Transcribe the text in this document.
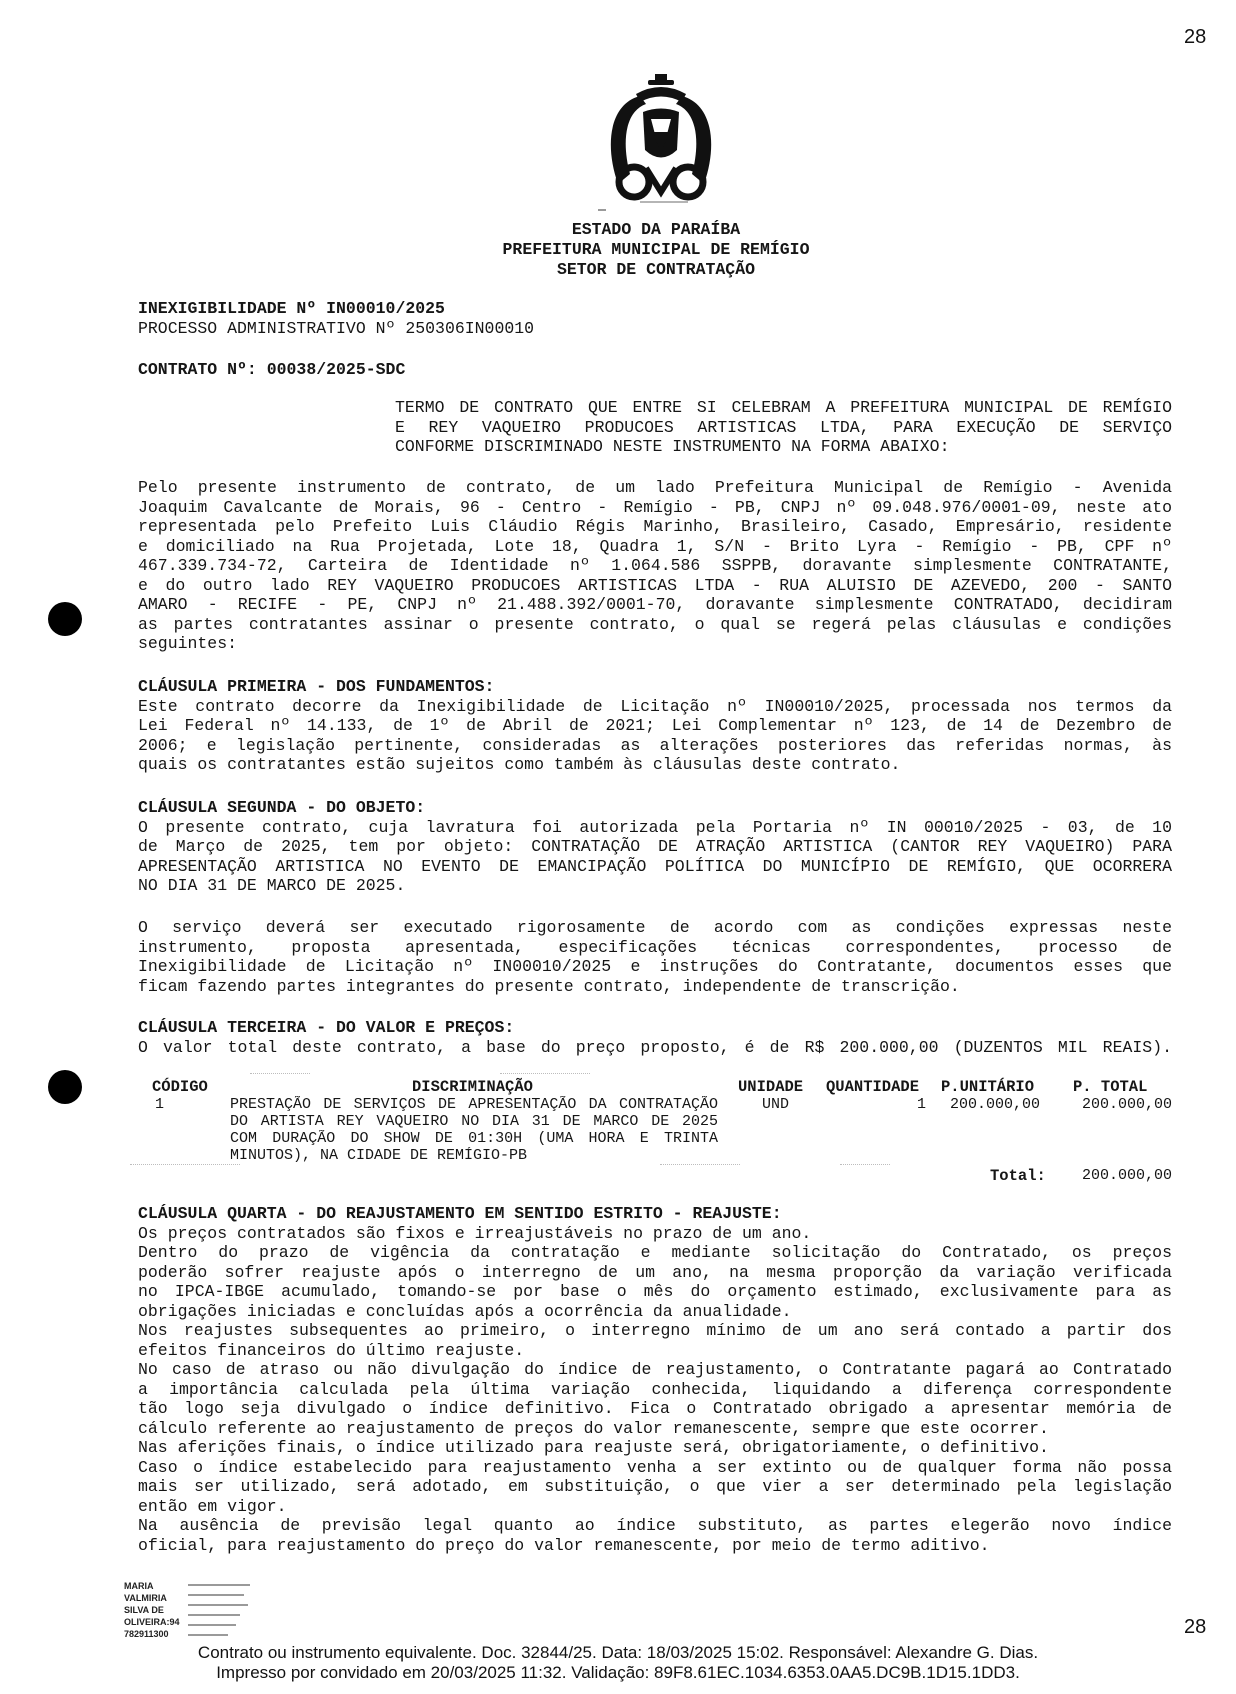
28
ESTADO DA PARAÍBA
PREFEITURA MUNICIPAL DE REMÍGIO
SETOR DE CONTRATAÇÃO
INEXIGIBILIDADE Nº IN00010/2025
PROCESSO ADMINISTRATIVO Nº 250306IN00010
CONTRATO Nº: 00038/2025-SDC
TERMO DE CONTRATO QUE ENTRE SI CELEBRAM A PREFEITURA MUNICIPAL DE REMÍGIO
E REY VAQUEIRO PRODUCOES ARTISTICAS LTDA, PARA EXECUÇÃO DE SERVIÇO
CONFORME DISCRIMINADO NESTE INSTRUMENTO NA FORMA ABAIXO:
Pelo presente instrumento de contrato, de um lado Prefeitura Municipal de Remígio - Avenida
Joaquim Cavalcante de Morais, 96 - Centro - Remígio - PB, CNPJ nº 09.048.976/0001-09, neste ato
representada pelo Prefeito Luis Cláudio Régis Marinho, Brasileiro, Casado, Empresário, residente
e domiciliado na Rua Projetada, Lote 18, Quadra 1, S/N - Brito Lyra - Remígio - PB, CPF nº
467.339.734-72, Carteira de Identidade nº 1.064.586 SSPPB, doravante simplesmente CONTRATANTE,
e do outro lado REY VAQUEIRO PRODUCOES ARTISTICAS LTDA - RUA ALUISIO DE AZEVEDO, 200 - SANTO
AMARO - RECIFE - PE, CNPJ nº 21.488.392/0001-70, doravante simplesmente CONTRATADO, decidiram
as partes contratantes assinar o presente contrato, o qual se regerá pelas cláusulas e condições
seguintes:
CLÁUSULA PRIMEIRA - DOS FUNDAMENTOS:
Este contrato decorre da Inexigibilidade de Licitação nº IN00010/2025, processada nos termos da
Lei Federal nº 14.133, de 1º de Abril de 2021; Lei Complementar nº 123, de 14 de Dezembro de
2006; e legislação pertinente, consideradas as alterações posteriores das referidas normas, às
quais os contratantes estão sujeitos como também às cláusulas deste contrato.
CLÁUSULA SEGUNDA - DO OBJETO:
O presente contrato, cuja lavratura foi autorizada pela Portaria nº IN 00010/2025 - 03, de 10
de Março de 2025, tem por objeto: CONTRATAÇÃO DE ATRAÇÃO ARTISTICA (CANTOR REY VAQUEIRO) PARA
APRESENTAÇÃO ARTISTICA NO EVENTO DE EMANCIPAÇÃO POLÍTICA DO MUNICÍPIO DE REMÍGIO, QUE OCORRERA
NO DIA 31 DE MARCO DE 2025.
O serviço deverá ser executado rigorosamente de acordo com as condições expressas neste
instrumento, proposta apresentada, especificações técnicas correspondentes, processo de
Inexigibilidade de Licitação nº IN00010/2025 e instruções do Contratante, documentos esses que
ficam fazendo partes integrantes do presente contrato, independente de transcrição.
CLÁUSULA TERCEIRA - DO VALOR E PREÇOS:
O valor total deste contrato, a base do preço proposto, é de R$ 200.000,00 (DUZENTOS MIL REAIS).
CÓDIGO	DISCRIMINAÇÃO	UNIDADE QUANTIDADE P.UNITÁRIO	P. TOTAL
1	PRESTAÇÃO DE SERVIÇOS DE APRESENTAÇÃO DA CONTRATAÇÃO
DO ARTISTA REY VAQUEIRO NO DIA 31 DE MARCO DE 2025
COM DURAÇÃO DO SHOW DE 01:30H (UMA HORA E TRINTA
MINUTOS), NA CIDADE DE REMÍGIO-PB
UND	1	200.000,00	200.000,00
Total:	200.000,00
CLÁUSULA QUARTA - DO REAJUSTAMENTO EM SENTIDO ESTRITO - REAJUSTE:
Os preços contratados são fixos e irreajustáveis no prazo de um ano.
Dentro do prazo de vigência da contratação e mediante solicitação do Contratado, os preços
poderão sofrer reajuste após o interregno de um ano, na mesma proporção da variação verificada
no IPCA-IBGE acumulado, tomando-se por base o mês do orçamento estimado, exclusivamente para as
obrigações iniciadas e concluídas após a ocorrência da anualidade.
Nos reajustes subsequentes ao primeiro, o interregno mínimo de um ano será contado a partir dos
efeitos financeiros do último reajuste.
No caso de atraso ou não divulgação do índice de reajustamento, o Contratante pagará ao Contratado
a importância calculada pela última variação conhecida, liquidando a diferença correspondente
tão logo seja divulgado o índice definitivo. Fica o Contratado obrigado a apresentar memória de
cálculo referente ao reajustamento de preços do valor remanescente, sempre que este ocorrer.
Nas aferições finais, o índice utilizado para reajuste será, obrigatoriamente, o definitivo.
Caso o índice estabelecido para reajustamento venha a ser extinto ou de qualquer forma não possa
mais ser utilizado, será adotado, em substituição, o que vier a ser determinado pela legislação
então em vigor.
Na ausência de previsão legal quanto ao índice substituto, as partes elegerão novo índice
oficial, para reajustamento do preço do valor remanescente, por meio de termo aditivo.
MARIA
VALMIRIA
SILVA DE
OLIVEIRA:94
782911300	28
Contrato ou instrumento equivalente. Doc. 32844/25. Data: 18/03/2025 15:02. Responsável: Alexandre G. Dias.
Impresso por convidado em 20/03/2025 11:32. Validação: 89F8.61EC.1034.6353.0AA5.DC9B.1D15.1DD3.
